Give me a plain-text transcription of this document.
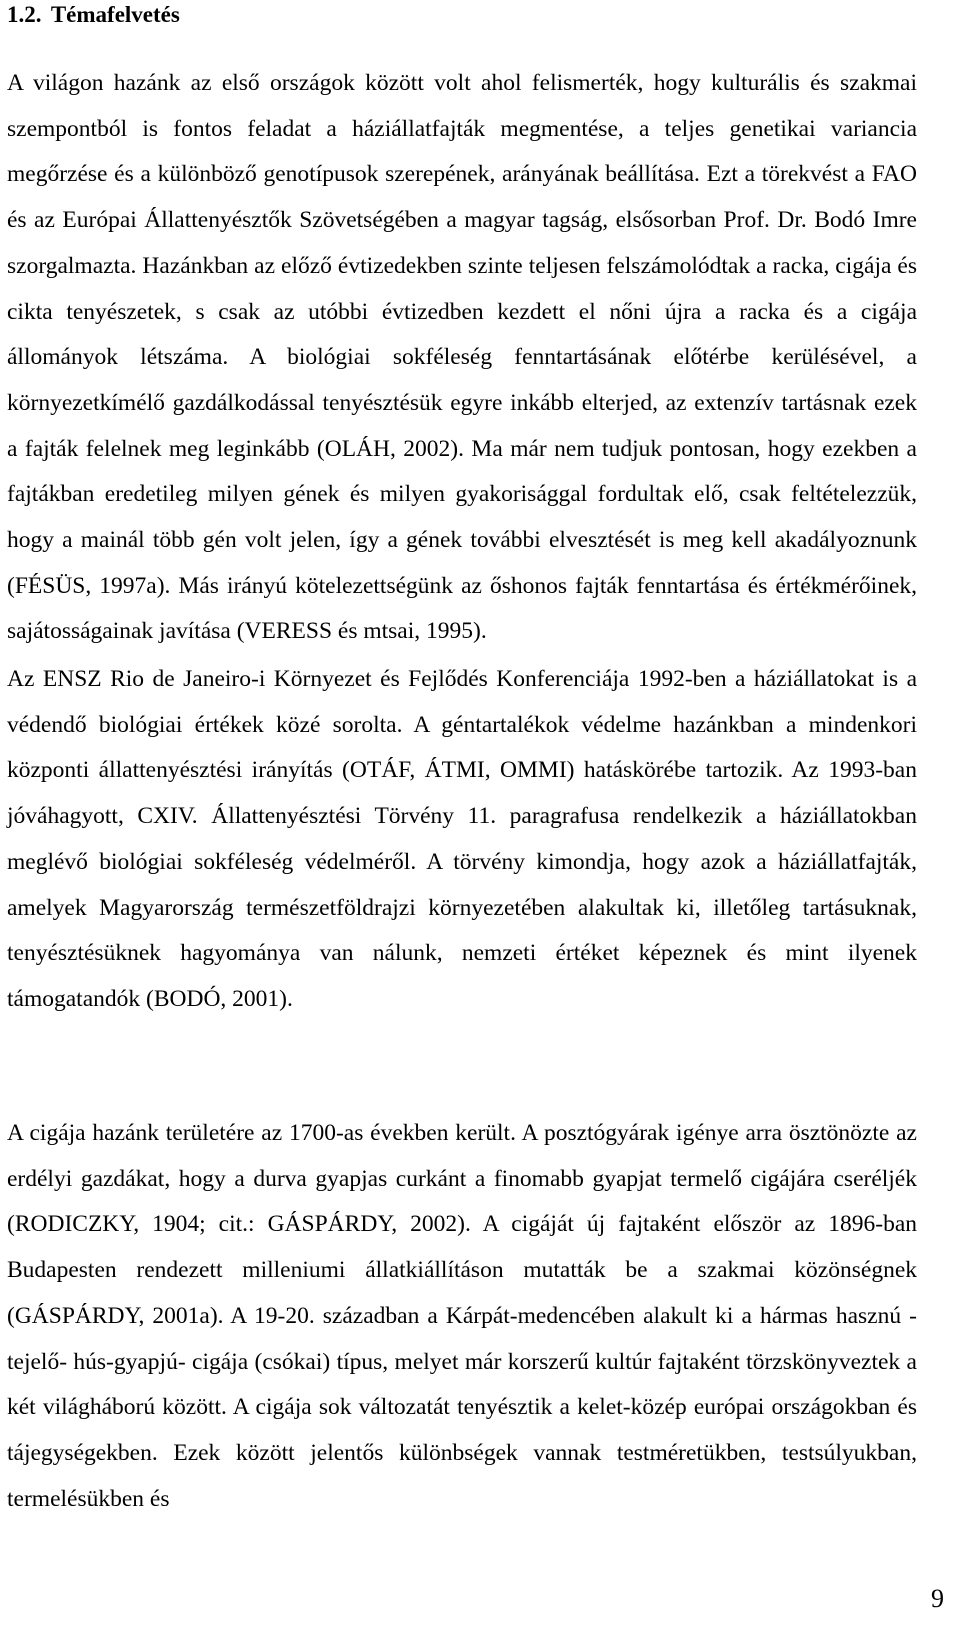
1.2. Témafelvetés

A világon hazánk az első országok között volt ahol felismerték, hogy kulturális és szakmai szempontból is fontos feladat a háziállatfajták megmentése, a teljes genetikai variancia megőrzése és a különböző genotípusok szerepének, arányának beállítása. Ezt a törekvést a FAO és az Európai Állattenyésztők Szövetségében a magyar tagság, elsősorban Prof. Dr. Bodó Imre szorgalmazta. Hazánkban az előző évtizedekben szinte teljesen felszámolódtak a racka, cigája és cikta tenyészetek, s csak az utóbbi évtizedben kezdett el nőni újra a racka és a cigája állományok létszáma. A biológiai sokféleség fenntartásának előtérbe kerülésével, a környezetkímélő gazdálkodással tenyésztésük egyre inkább elterjed, az extenzív tartásnak ezek a fajták felelnek meg leginkább (OLÁH, 2002). Ma már nem tudjuk pontosan, hogy ezekben a fajtákban eredetileg milyen gének és milyen gyakorisággal fordultak elő, csak feltételezzük, hogy a mainál több gén volt jelen, így a gének további elvesztését is meg kell akadályoznunk (FÉSÜS, 1997a). Más irányú kötelezettségünk az őshonos fajták fenntartása és értékmérőinek, sajátosságainak javítása (VERESS és mtsai, 1995).

Az ENSZ Rio de Janeiro-i Környezet és Fejlődés Konferenciája 1992-ben a háziállatokat is a védendő biológiai értékek közé sorolta. A géntartalékok védelme hazánkban a mindenkori központi állattenyésztési irányítás (OTÁF, ÁTMI, OMMI) hatáskörébe tartozik. Az 1993-ban jóváhagyott, CXIV. Állattenyésztési Törvény 11. paragrafusa rendelkezik a háziállatokban meglévő biológiai sokféleség védelméről. A törvény kimondja, hogy azok a háziállatfajták, amelyek Magyarország természetföldrajzi környezetében alakultak ki, illetőleg tartásuknak, tenyésztésüknek hagyománya van nálunk, nemzeti értéket képeznek és mint ilyenek támogatandók (BODÓ, 2001).

A cigája hazánk területére az 1700-as években került. A posztógyárak igénye arra ösztönözte az erdélyi gazdákat, hogy a durva gyapjas curkánt a finomabb gyapjat termelő cigájára cseréljék (RODICZKY, 1904; cit.: GÁSPÁRDY, 2002). A cigáját új fajtaként először az 1896-ban Budapesten rendezett milleniumi állatkiállításon mutatták be a szakmai közönségnek (GÁSPÁRDY, 2001a). A 19-20. században a Kárpát-medencében alakult ki a hármas hasznú -tejelő- hús-gyapjú- cigája (csókai) típus, melyet már korszerű kultúr fajtaként törzskönyveztek a két világháború között. A cigája sok változatát tenyésztik a kelet-közép európai országokban és tájegységekben. Ezek között jelentős különbségek vannak testméretükben, testsúlyukban, termelésükben és

9
